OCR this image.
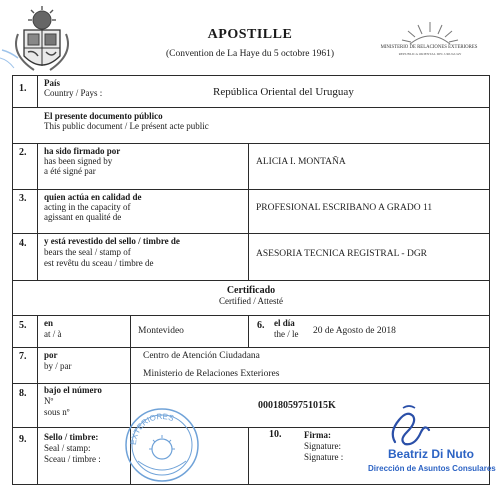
APOSTILLE
(Convention de La Haye du 5 octobre 1961)
MINISTERIO DE RELACIONES EXTERIORES
REPUBLICA ORIENTAL DEL URUGUAY
1. País
Country / Pays :	República Oriental del Uruguay
El presente documento público
This public document / Le présent acte public
2. ha sido firmado por
has been signed by
a été signé par
ALICIA I. MONTAÑA
3. quien actúa en calidad de
acting in the capacity of
agissant en qualité de
PROFESIONAL ESCRIBANO A GRADO 11
4. y está revestido del sello / timbre de
bears the seal / stamp of
est revêtu du sceau / timbre de
ASESORIA TECNICA REGISTRAL - DGR
Certificado
Certified / Attesté
5. en
at / à	Montevideo	6. el día
the / le 20 de Agosto de 2018
7. por
by / par
Centro de Atención Ciudadana
Ministerio de Relaciones Exteriores
8. bajo el número
Nº
sous nº
00018059751015K
9. Sello / timbre:
Seal / stamp:
Sceau / timbre :
EXTERIORES
10.	Firma:
Signature:
Signature :	Beatriz Di Nuto
Dirección de Asuntos Consulares
